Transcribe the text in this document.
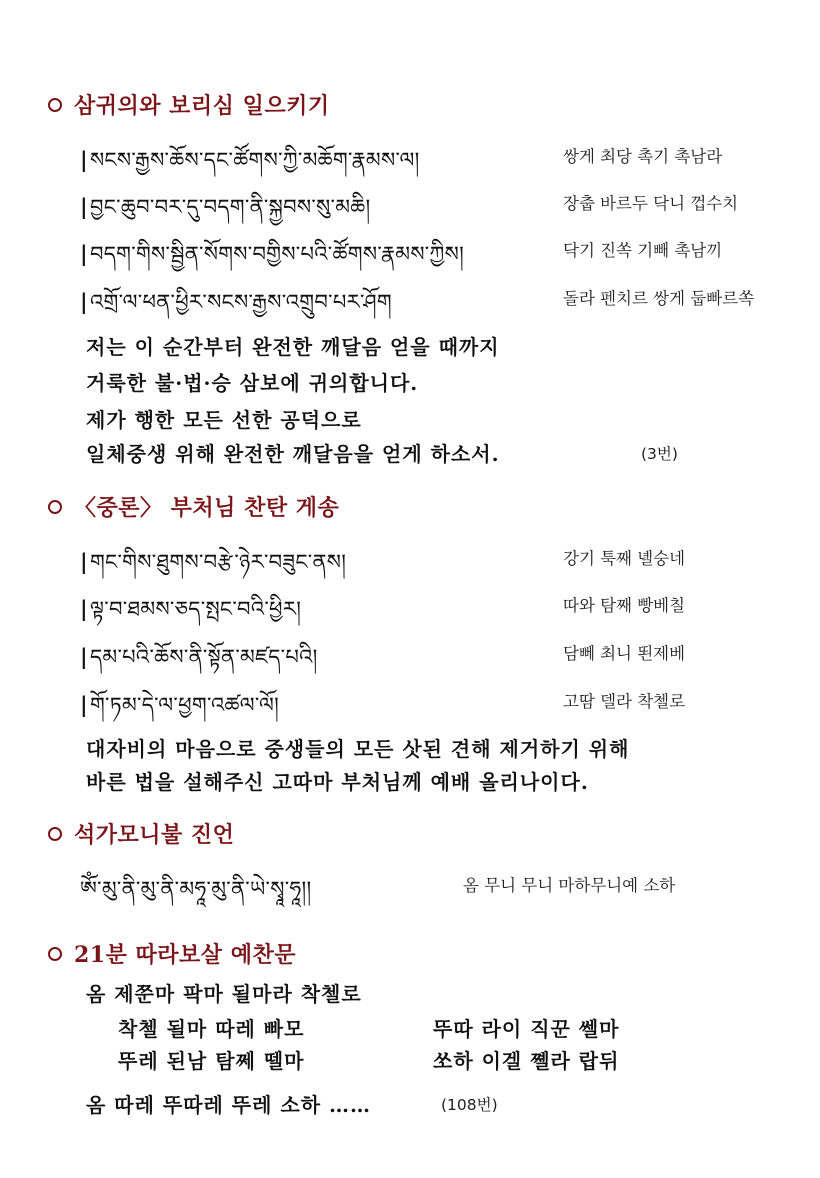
삼귀의와 보리심 일으키기
|སངས་རྒྱས་ཆོས་དང་ཚོགས་ཀྱི་མཆོག་རྣམས་ལ།	쌍게 최당 촉기 촉남라
|བྱང་ཆུབ་བར་དུ་བདག་ནི་སྐྱབས་སུ་མཆི།	장춥 바르두 닥니 껍수치
|བདག་གིས་སྦྱིན་སོགས་བགྱིས་པའི་ཚོགས་རྣམས་ཀྱིས།	닥기 진쏙 기빼 촉남끼
|འགྲོ་ལ་ཕན་ཕྱིར་སངས་རྒྱས་འགྲུབ་པར་ཤོག	돌라 펜치르 쌍게 둡빠르쏙
저는 이 순간부터 완전한 깨달음 얻을 때까지
거룩한 불·법·승 삼보에 귀의합니다.
제가 행한 모든 선한 공덕으로
일체중생 위해 완전한 깨달음을 얻게 하소서.	(3번)
〈중론〉 부처님 찬탄 게송
|གང་གིས་ཐུགས་བརྩེ་ཉེར་བཟུང་ནས།	강기 툭째 녤숭네
|ལྟ་བ་ཐམས་ཅད་སྤང་བའི་ཕྱིར།	따와 탐째 빵베칠
|དམ་པའི་ཆོས་ནི་སྟོན་མཛད་པའི།	담뻬 최니 뙨제베
|གོ་ཏམ་དེ་ལ་ཕྱག་འཚལ་ལོ།	고땀 델라 착첼로
대자비의 마음으로 중생들의 모든 삿된 견해 제거하기 위해
바른 법을 설해주신 고따마 부처님께 예배 올리나이다.
석가모니불 진언
ༀ་མུ་ནི་མུ་ནི་མཧཱ་མུ་ནི་ཡེ་སྭཱ་ཧཱ།།	옴 무니 무니 마하무니예 소하
21분 따라보살 예찬문
옴 제쭌마 팍마 될마라 착첼로
착첼 될마 따레 빠모	뚜따 라이 직꾼 쎌마
뚜레 된남 탐쩨 뗄마	쏘하 이겔 쪨라 랍뒤
옴 따레 뚜따레 뚜레 소하 ……	(108번)
